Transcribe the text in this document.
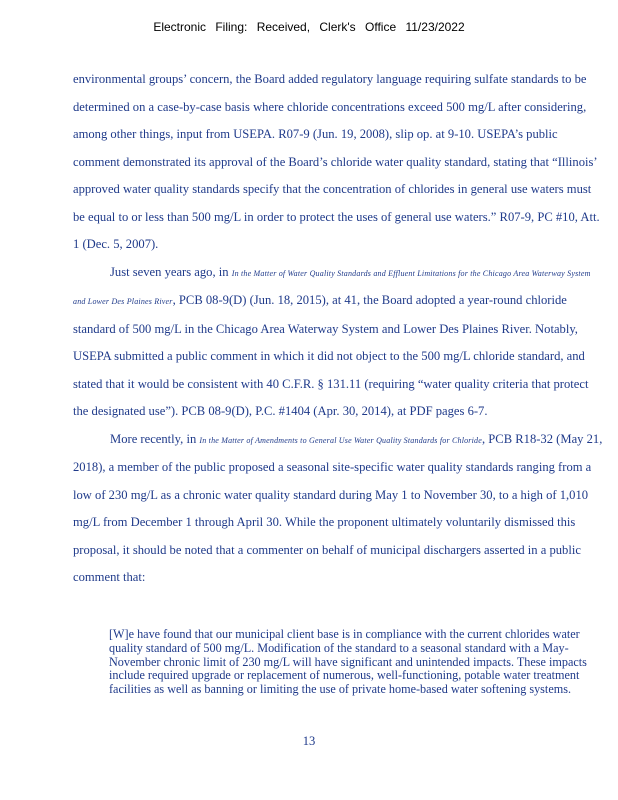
Electronic Filing: Received, Clerk's Office 11/23/2022

environmental groups’ concern, the Board added regulatory language requiring sulfate standards to be determined on a case-by-case basis where chloride concentrations exceed 500 mg/L after considering, among other things, input from USEPA. R07-9 (Jun. 19, 2008), slip op. at 9-10. USEPA’s public comment demonstrated its approval of the Board’s chloride water quality standard, stating that “Illinois’ approved water quality standards specify that the concentration of chlorides in general use waters must be equal to or less than 500 mg/L in order to protect the uses of general use waters.” R07-9, PC #10, Att. 1 (Dec. 5, 2007).

Just seven years ago, in In the Matter of Water Quality Standards and Effluent Limitations for the Chicago Area Waterway System and Lower Des Plaines River, PCB 08-9(D) (Jun. 18, 2015), at 41, the Board adopted a year-round chloride standard of 500 mg/L in the Chicago Area Waterway System and Lower Des Plaines River. Notably, USEPA submitted a public comment in which it did not object to the 500 mg/L chloride standard, and stated that it would be consistent with 40 C.F.R. § 131.11 (requiring “water quality criteria that protect the designated use”). PCB 08-9(D), P.C. #1404 (Apr. 30, 2014), at PDF pages 6-7.

More recently, in In the Matter of Amendments to General Use Water Quality Standards for Chloride, PCB R18-32 (May 21, 2018), a member of the public proposed a seasonal site-specific water quality standards ranging from a low of 230 mg/L as a chronic water quality standard during May 1 to November 30, to a high of 1,010 mg/L from December 1 through April 30. While the proponent ultimately voluntarily dismissed this proposal, it should be noted that a commenter on behalf of municipal dischargers asserted in a public comment that:

[W]e have found that our municipal client base is in compliance with the current chlorides water quality standard of 500 mg/L. Modification of the standard to a seasonal standard with a May-November chronic limit of 230 mg/L will have significant and unintended impacts. These impacts include required upgrade or replacement of numerous, well-functioning, potable water treatment facilities as well as banning or limiting the use of private home-based water softening systems.
13
